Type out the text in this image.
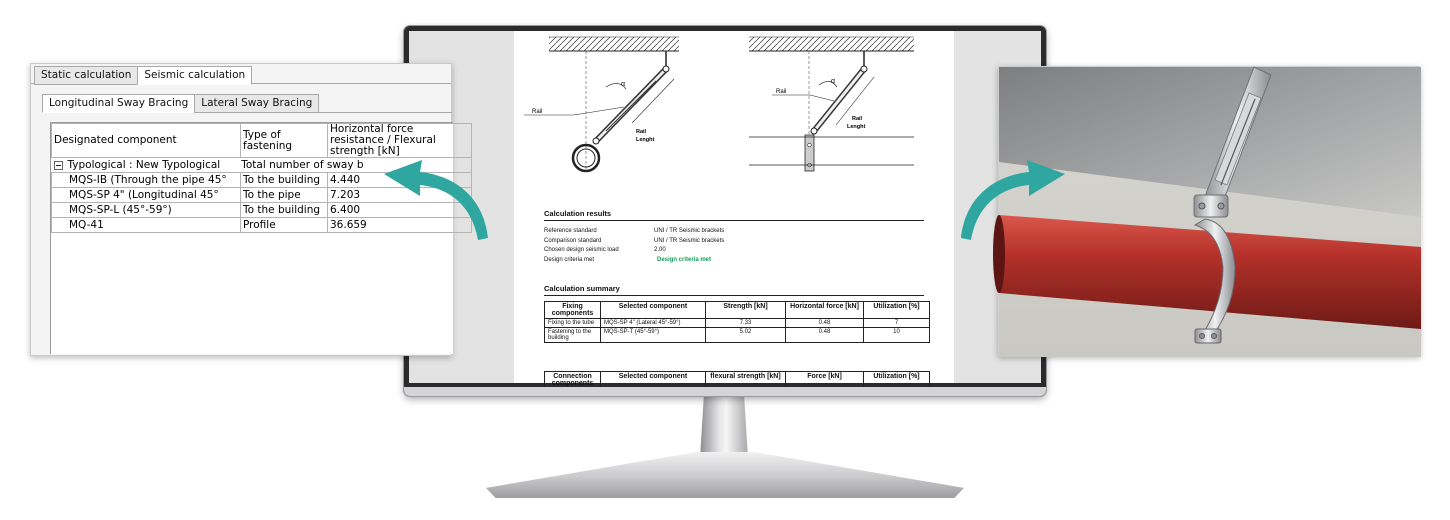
Rail
α
Rail
Lenght
Rail
α
Rail
Lenght
Calculation results
Reference standard	UNI / TR Seismic brackets
Comparison standard	UNI / TR Seismic brackets
Chosen design seismic load	2.00
Design criteria met	Design criteria met
Calculation summary
Fixing components	Selected component	Strength [kN]	Horizontal force [kN]	Utilization [%]
Fixing to the tube	MQS-SP 4" (Lateral 45°-59°)	7.33	0.48	7
Fastening to the building	MQS-SP-T (45°-59°)	5.02	0.48	10
Connection components	Selected component	flexural strength [kN]	Force [kN]	Utilization [%]
Static calculation	Seismic calculation
Longitudinal Sway Bracing	Lateral Sway Bracing
Designated component	Type of fastening	Horizontal force resistance / Flexural strength [kN]

Typological : New Typological Total number of sway b		

MQS-IB (Through the pipe 45°	To the building	4.440
MQS-SP 4" (Longitudinal 45°	To the pipe	7.203
MQS-SP-L (45°-59°)	To the building	6.400
MQ-41	Profile	36.659
